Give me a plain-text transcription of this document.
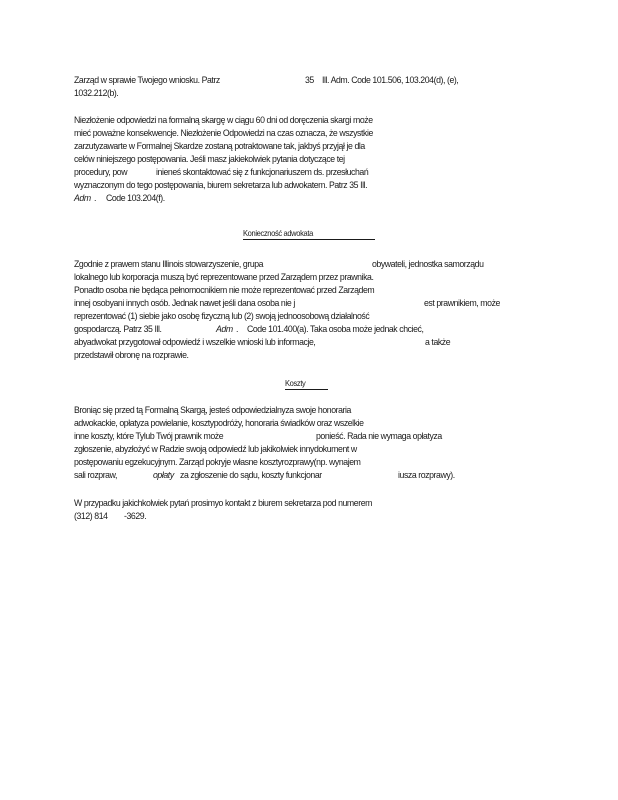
Zarząd w sprawie Twojego wniosku. Patrz	35 Ill. Adm. Code 101.506, 103.204(d), (e),
1032.212(b).
Niezłożenie odpowiedzi na formalną skargę w ciągu 60 dni od doręczenia skargi może
mieć poważne konsekwencje. Niezłożenie Odpowiedzi na czas oznacza, że wszystkie
zarzutyzawarte w Formalnej Skardze zostaną potraktowane tak, jakbyś przyjął je dla
celów niniejszego postępowania. Jeśli masz jakiekolwiek pytania dotyczące tej
procedury, pow	inieneś skontaktować się z funkcjonariuszem ds. przesłuchań
wyznaczonym do tego postępowania, biurem sekretarza lub adwokatem. Patrz 35 Ill.
Adm . Code 103.204(f).
Konieczność adwokata
Zgodnie z prawem stanu Illinois stowarzyszenie, grupa	obywateli, jednostka samorządu
lokalnego lub korporacja muszą być reprezentowane przed Zarządem przez prawnika.
Ponadto osoba nie będąca pełnomocnikiem nie może reprezentować przed Zarządem
innej osobyani innych osób. Jednak nawet jeśli dana osoba nie j	est prawnikiem, może
reprezentować (1) siebie jako osobę fizyczną lub (2) swoją jednoosobową działalność
gospodarczą. Patrz 35 Ill.	Adm . Code 101.400(a). Taka osoba może jednak chcieć,
abyadwokat przygotował odpowiedź i wszelkie wnioski lub informacje,	a także
przedstawił obronę na rozprawie.
Koszty
Broniąc się przed tą Formalną Skargą, jesteś odpowiedzialnyza swoje honoraria
adwokackie, opłatyza powielanie, kosztypodróży, honoraria świadków oraz wszelkie
inne koszty, które Tylub Twój prawnik może	ponieść. Rada nie wymaga opłatyza
zgłoszenie, abyzłożyć w Radzie swoją odpowiedź lub jakikolwiek innydokument w
postępowaniu egzekucyjnym. Zarząd pokryje własne kosztyrozprawy(np. wynajem
sali rozpraw,	opłaty za zgłoszenie do sądu, koszty funkcjonar	iusza rozprawy).
W przypadku jakichkolwiek pytań prosimyo kontakt z biurem sekretarza pod numerem
(312) 814 -3629.
